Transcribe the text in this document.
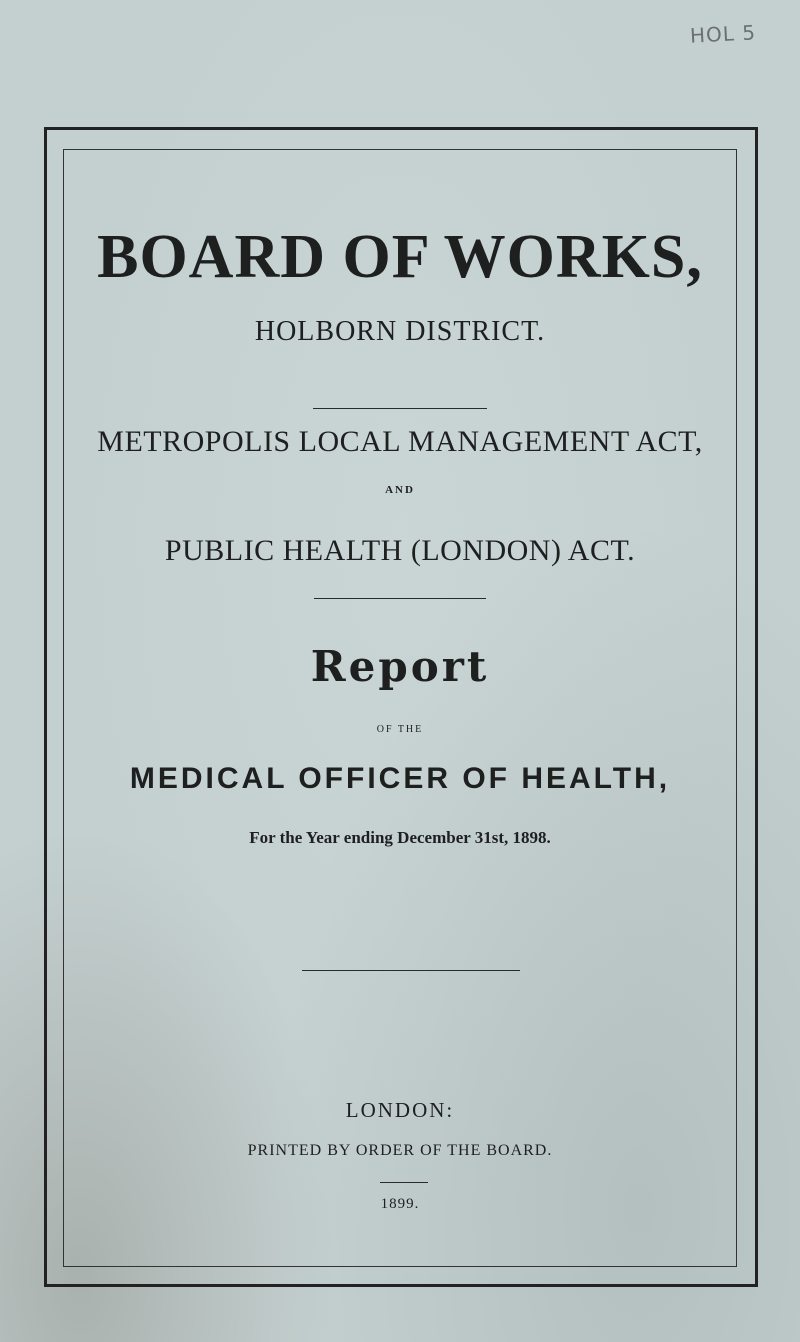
HOL 5
BOARD OF WORKS,
HOLBORN DISTRICT.
METROPOLIS LOCAL MANAGEMENT ACT,
AND
PUBLIC HEALTH (LONDON) ACT.
Report
OF THE
MEDICAL OFFICER OF HEALTH,
For the Year ending December 31st, 1898.
LONDON:
PRINTED BY ORDER OF THE BOARD.
1899.
